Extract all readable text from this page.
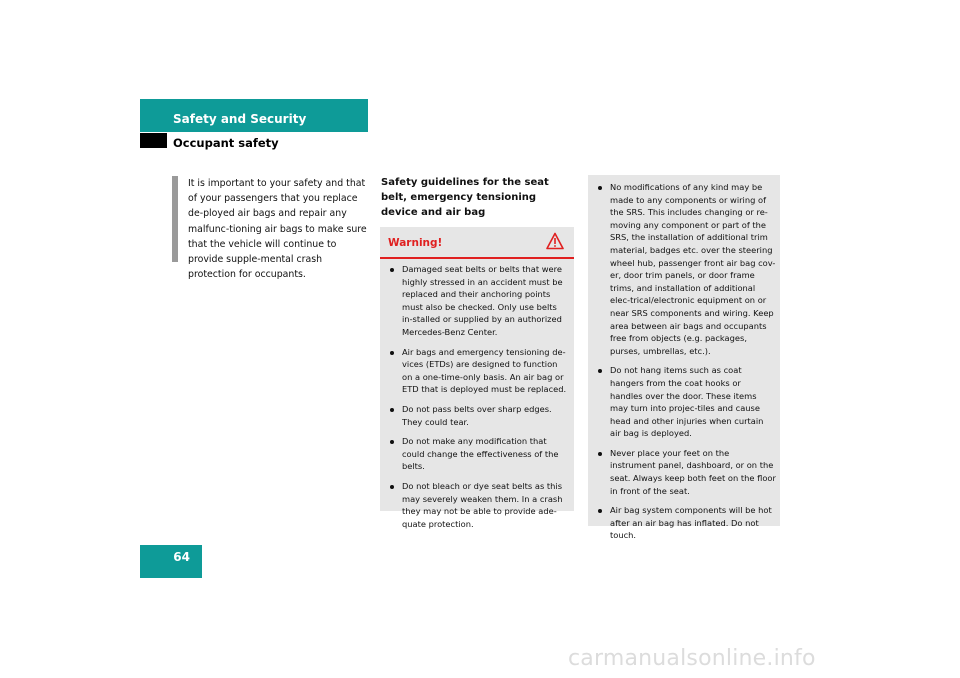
Safety and Security
Occupant safety
It is important to your safety and that of your passengers that you replace de-ployed air bags and repair any malfunc-tioning air bags to make sure that the vehicle will continue to provide supple-mental crash protection for occupants.
Safety guidelines for the seat belt, emergency tensioning device and air bag
Warning!
Damaged seat belts or belts that were highly stressed in an accident must be replaced and their anchoring points must also be checked. Only use belts in-stalled or supplied by an authorized Mercedes-Benz Center.
Air bags and emergency tensioning de-vices (ETDs) are designed to function on a one-time-only basis. An air bag or ETD that is deployed must be replaced.
Do not pass belts over sharp edges. They could tear.
Do not make any modification that could change the effectiveness of the belts.
Do not bleach or dye seat belts as this may severely weaken them. In a crash they may not be able to provide ade-quate protection.
No modifications of any kind may be made to any components or wiring of the SRS. This includes changing or re-moving any component or part of the SRS, the installation of additional trim material, badges etc. over the steering wheel hub, passenger front air bag cov-er, door trim panels, or door frame trims, and installation of additional elec-trical/electronic equipment on or near SRS components and wiring. Keep area between air bags and occupants free from objects (e.g. packages, purses, umbrellas, etc.).
Do not hang items such as coat hangers from the coat hooks or handles over the door. These items may turn into projec-tiles and cause head and other injuries when curtain air bag is deployed.
Never place your feet on the instrument panel, dashboard, or on the seat. Always keep both feet on the floor in front of the seat.
Air bag system components will be hot after an air bag has inflated. Do not touch.
64
carmanualsonline.info
